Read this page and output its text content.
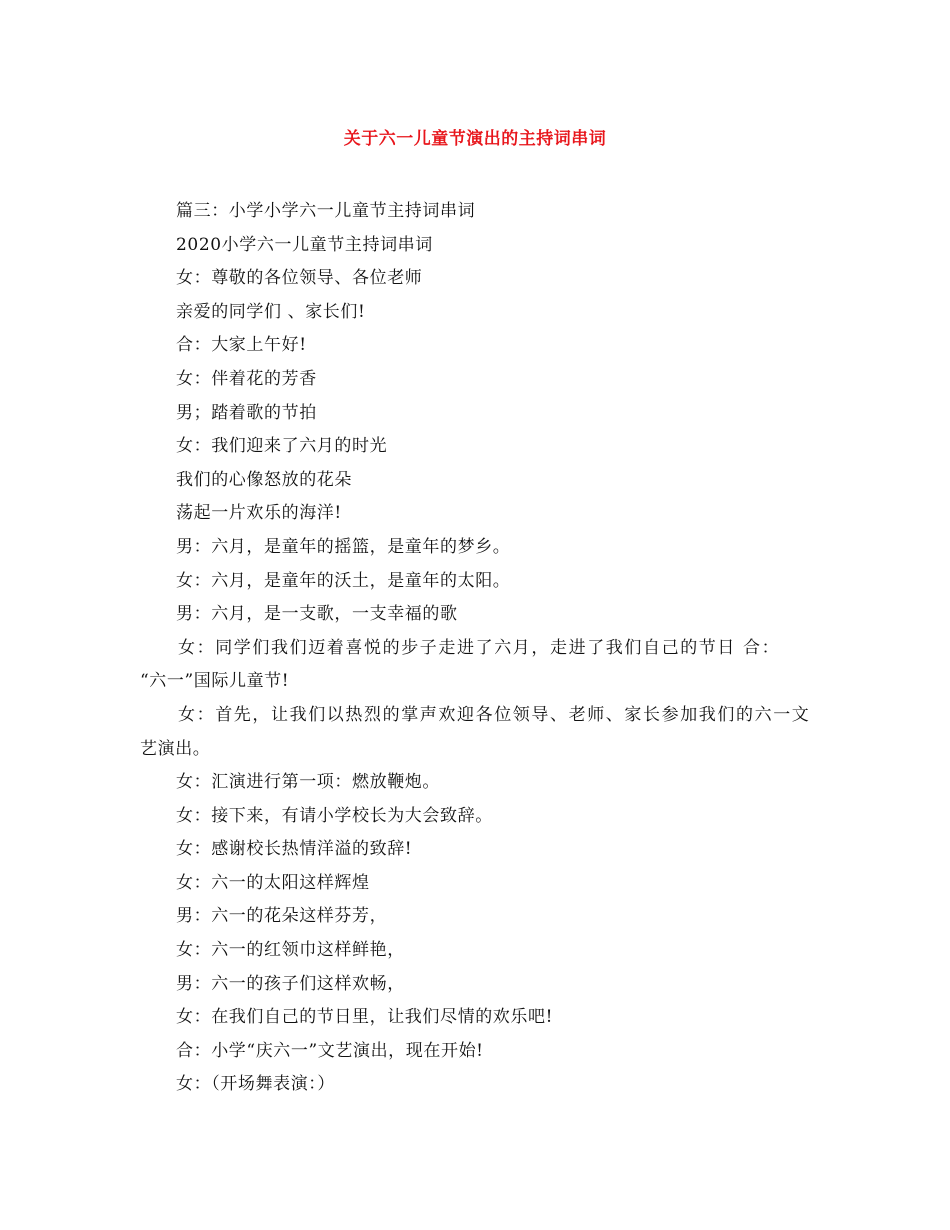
关于六一儿童节演出的主持词串词
篇三：小学小学六一儿童节主持词串词
2020小学六一儿童节主持词串词
女：尊敬的各位领导、各位老师
亲爱的同学们 、家长们!
合：大家上午好!
女：伴着花的芳香
男；踏着歌的节拍
女：我们迎来了六月的时光
我们的心像怒放的花朵
荡起一片欢乐的海洋!
男：六月，是童年的摇篮，是童年的梦乡。
女：六月，是童年的沃土，是童年的太阳。
男：六月，是一支歌，一支幸福的歌
女：同学们我们迈着喜悦的步子走进了六月，走进了我们自己的节日 合：
“六一”国际儿童节!
女：首先，让我们以热烈的掌声欢迎各位领导、老师、家长参加我们的六一文
艺演出。
女：汇演进行第一项：燃放鞭炮。
女：接下来，有请小学校长为大会致辞。
女：感谢校长热情洋溢的致辞!
女：六一的太阳这样辉煌
男：六一的花朵这样芬芳，
女：六一的红领巾这样鲜艳，
男：六一的孩子们这样欢畅，
女：在我们自己的节日里，让我们尽情的欢乐吧!
合：小学“庆六一”文艺演出，现在开始!
女：（开场舞表演：）
